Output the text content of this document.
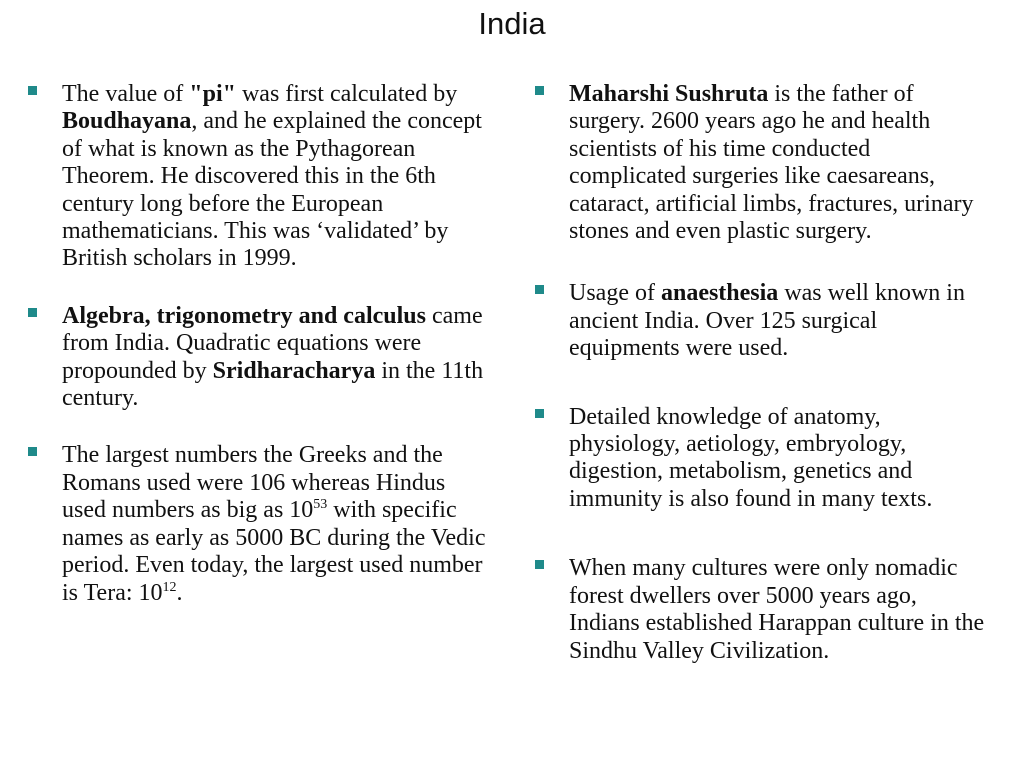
India

The value of "pi" was first calculated by Boudhayana, and he explained the concept of what is known as the Pythagorean Theorem. He discovered this in the 6th century long before the European mathematicians. This was ‘validated’ by British scholars in 1999.

Algebra, trigonometry and calculus came from India. Quadratic equations were propounded by Sridharacharya in the 11th century.

The largest numbers the Greeks and the Romans used were 106 whereas Hindus used numbers as big as $10^{53}$ with specific names as early as 5000 BC during the Vedic period. Even today, the largest used number is Tera: $10^{12}$.

Maharshi Sushruta is the father of surgery. 2600 years ago he and health scientists of his time conducted complicated surgeries like caesareans, cataract, artificial limbs, fractures, urinary stones and even plastic surgery.

Usage of anaesthesia was well known in ancient India. Over 125 surgical equipments were used.

Detailed knowledge of anatomy, physiology, aetiology, embryology, digestion, metabolism, genetics and immunity is also found in many texts.

When many cultures were only nomadic forest dwellers over 5000 years ago, Indians established Harappan culture in the Sindhu Valley Civilization.
